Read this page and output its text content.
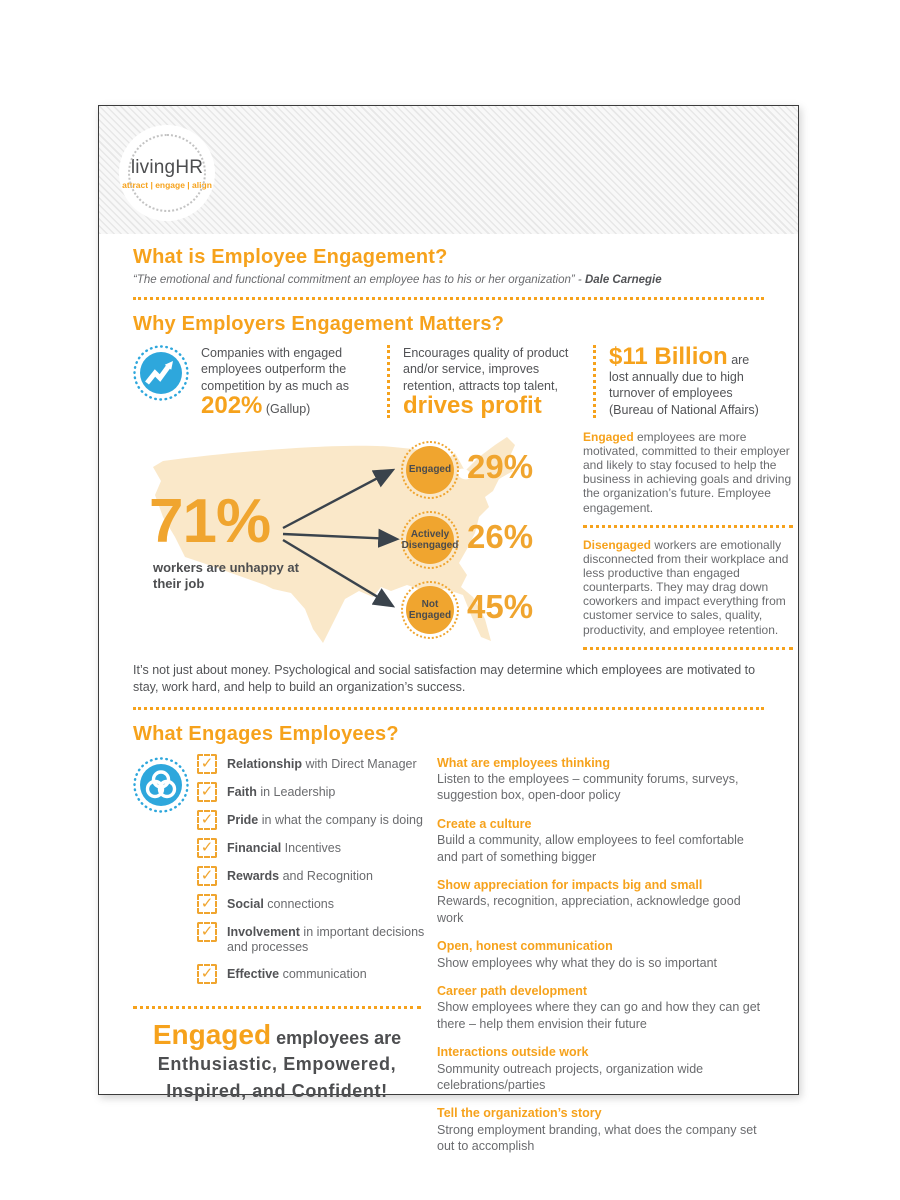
livingHR
attract | engage | align
What is Employee Engagement?

“The emotional and functional commitment an employee has to his or her organization” - Dale Carnegie

Why Employers Engagement Matters?

Companies with engaged employees outperform the competition by as much as 202% (Gallup)

Encourages quality of product and/or service, improves retention, attracts top talent, drives profit

$11 Billion are lost annually due to high turnover of employees (Bureau of National Affairs)

71%
workers are unhappy at their job
Engaged 29%
Actively Disengaged 26%
Not Engaged 45%

Engaged employees are more motivated, committed to their employer and likely to stay focused to help the business in achieving goals and driving the organization’s future. Employee engagement.

Disengaged workers are emotionally disconnected from their workplace and less productive than engaged counterparts. They may drag down coworkers and impact everything from customer service to sales, quality, productivity, and employee retention.

It’s not just about money. Psychological and social satisfaction may determine which employees are motivated to stay, work hard, and help to build an organization’s success.

What Engages Employees?
✓ Relationship with Direct Manager
✓ Faith in Leadership
✓ Pride in what the company is doing
✓ Financial Incentives
✓ Rewards and Recognition
✓ Social connections
✓ Involvement in important decisions and processes
✓ Effective communication
Engaged employees are
Enthusiastic, Empowered,
Inspired, and Confident!
What are employees thinking

Listen to the employees – community forums, surveys, suggestion box, open-door policy

Create a culture

Build a community, allow employees to feel comfortable and part of something bigger

Show appreciation for impacts big and small

Rewards, recognition, appreciation, acknowledge good work

Open, honest communication

Show employees why what they do is so important

Career path development

Show employees where they can go and how they can get there – help them envision their future

Interactions outside work

Sommunity outreach projects, organization wide celebrations/parties

Tell the organization’s story

Strong employment branding, what does the company set out to accomplish
